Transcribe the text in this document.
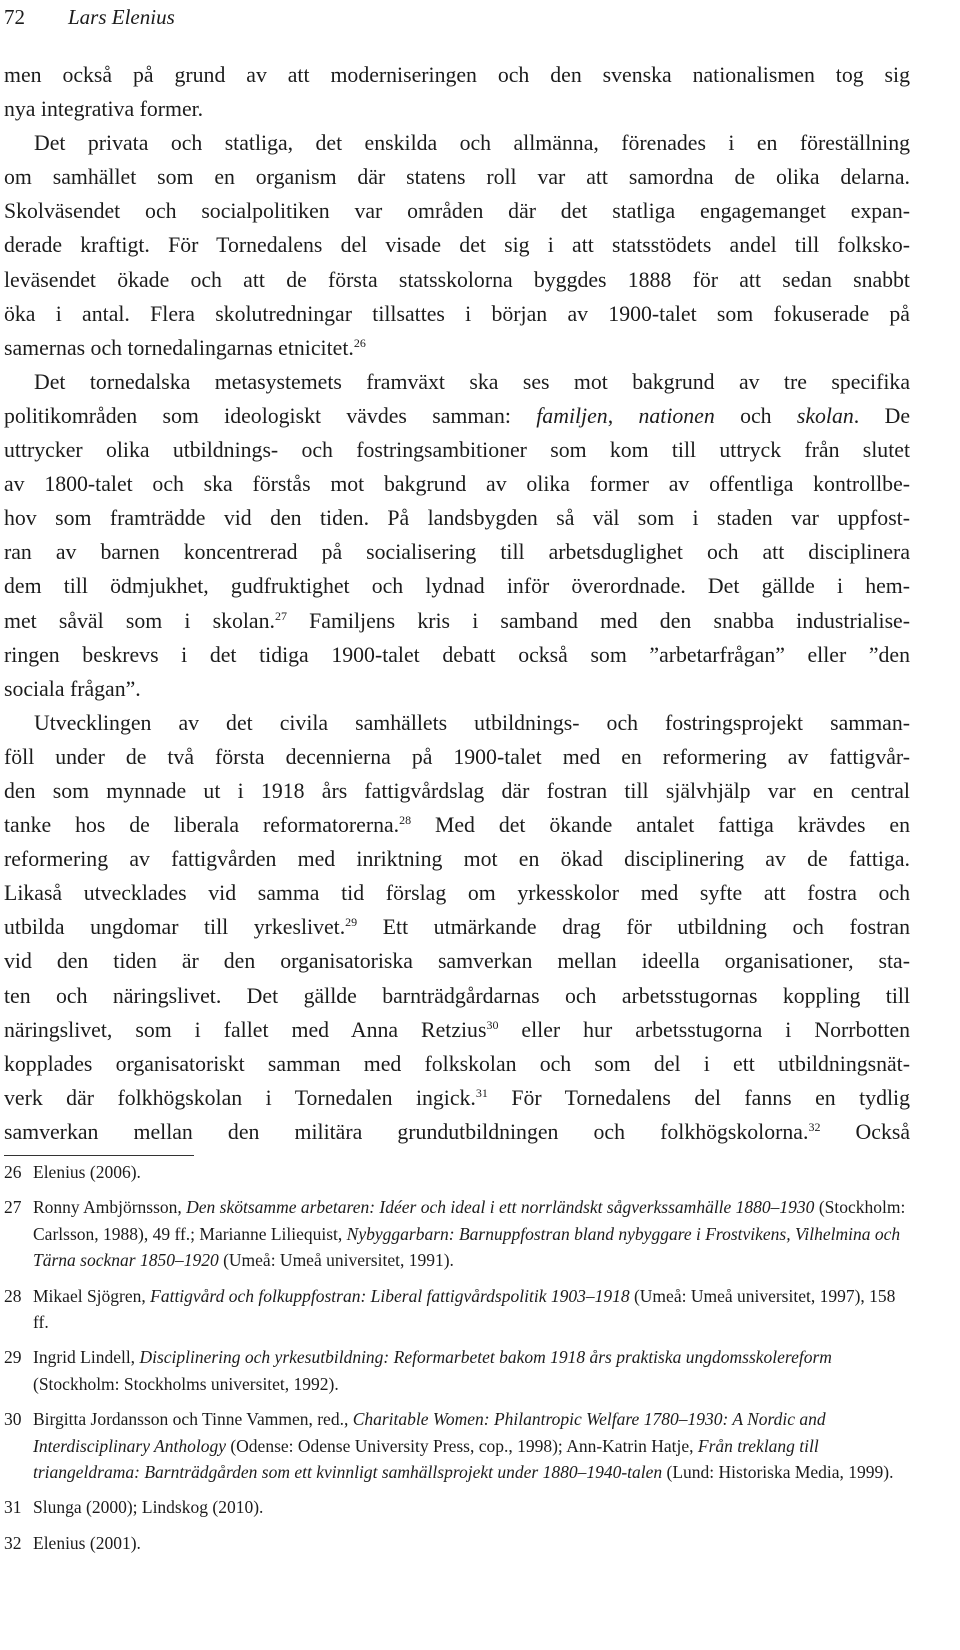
72 Lars Elenius

men också på grund av att moderniseringen och den svenska nationalismen tog sig
nya integrativa former.

Det privata och statliga, det enskilda och allmänna, förenades i en föreställning
om samhället som en organism där statens roll var att samordna de olika delarna.
Skolväsendet och socialpolitiken var områden där det statliga engagemanget expan-
derade kraftigt. För Tornedalens del visade det sig i att statsstödets andel till folksko-
leväsendet ökade och att de första statsskolorna byggdes 1888 för att sedan snabbt
öka i antal. Flera skolutredningar tillsattes i början av 1900-talet som fokuserade på
samernas och tornedalingarnas etnicitet.$^{26}$

Det tornedalska metasystemets framväxt ska ses mot bakgrund av tre specifika
politikområden som ideologiskt vävdes samman: familjen, nationen och skolan. De
uttrycker olika utbildnings- och fostringsambitioner som kom till uttryck från slutet
av 1800-talet och ska förstås mot bakgrund av olika former av offentliga kontrollbe-
hov som framträdde vid den tiden. På landsbygden så väl som i staden var uppfost-
ran av barnen koncentrerad på socialisering till arbetsduglighet och att disciplinera
dem till ödmjukhet, gudfruktighet och lydnad inför överordnade. Det gällde i hem-
met såväl som i skolan.$^{27}$ Familjens kris i samband med den snabba industrialise-
ringen beskrevs i det tidiga 1900-talet debatt också som ”arbetarfrågan” eller ”den
sociala frågan”.

Utvecklingen av det civila samhällets utbildnings- och fostringsprojekt samman-
föll under de två första decennierna på 1900-talet med en reformering av fattigvår-
den som mynnade ut i 1918 års fattigvårdslag där fostran till självhjälp var en central
tanke hos de liberala reformatorerna.$^{28}$ Med det ökande antalet fattiga krävdes en
reformering av fattigvården med inriktning mot en ökad disciplinering av de fattiga.
Likaså utvecklades vid samma tid förslag om yrkesskolor med syfte att fostra och
utbilda ungdomar till yrkeslivet.$^{29}$ Ett utmärkande drag för utbildning och fostran
vid den tiden är den organisatoriska samverkan mellan ideella organisationer, sta-
ten och näringslivet. Det gällde barnträdgårdarnas och arbetsstugornas koppling till
näringslivet, som i fallet med Anna Retzius$^{30}$ eller hur arbetsstugorna i Norrbotten
kopplades organisatoriskt samman med folkskolan och som del i ett utbildningsnät-
verk där folkhögskolan i Tornedalen ingick.$^{31}$ För Tornedalens del fanns en tydlig
samverkan mellan den militära grundutbildningen och folkhögskolorna.$^{32}$ Också

26 Elenius (2006).
27 Ronny Ambjörnsson, Den skötsamme arbetaren: Idéer och ideal i ett norrländskt sågverkssamhälle 1880–1930 (Stockholm: Carlsson, 1988), 49 ff.; Marianne Liliequist, Nybyggarbarn: Barnuppfostran bland nybyggare i Frostvikens, Vilhelmina och Tärna socknar 1850–1920 (Umeå: Umeå universitet, 1991).
28 Mikael Sjögren, Fattigvård och folkuppfostran: Liberal fattigvårdspolitik 1903–1918 (Umeå: Umeå universitet, 1997), 158 ff.
29 Ingrid Lindell, Disciplinering och yrkesutbildning: Reformarbetet bakom 1918 års praktiska ungdomsskolereform (Stockholm: Stockholms universitet, 1992).
30 Birgitta Jordansson och Tinne Vammen, red., Charitable Women: Philantropic Welfare 1780–1930: A Nordic and Interdisciplinary Anthology (Odense: Odense University Press, cop., 1998); Ann-Katrin Hatje, Från treklang till triangeldrama: Barnträdgården som ett kvinnligt samhällsprojekt under 1880–1940-talen (Lund: Historiska Media, 1999).
31 Slunga (2000); Lindskog (2010).
32 Elenius (2001).
